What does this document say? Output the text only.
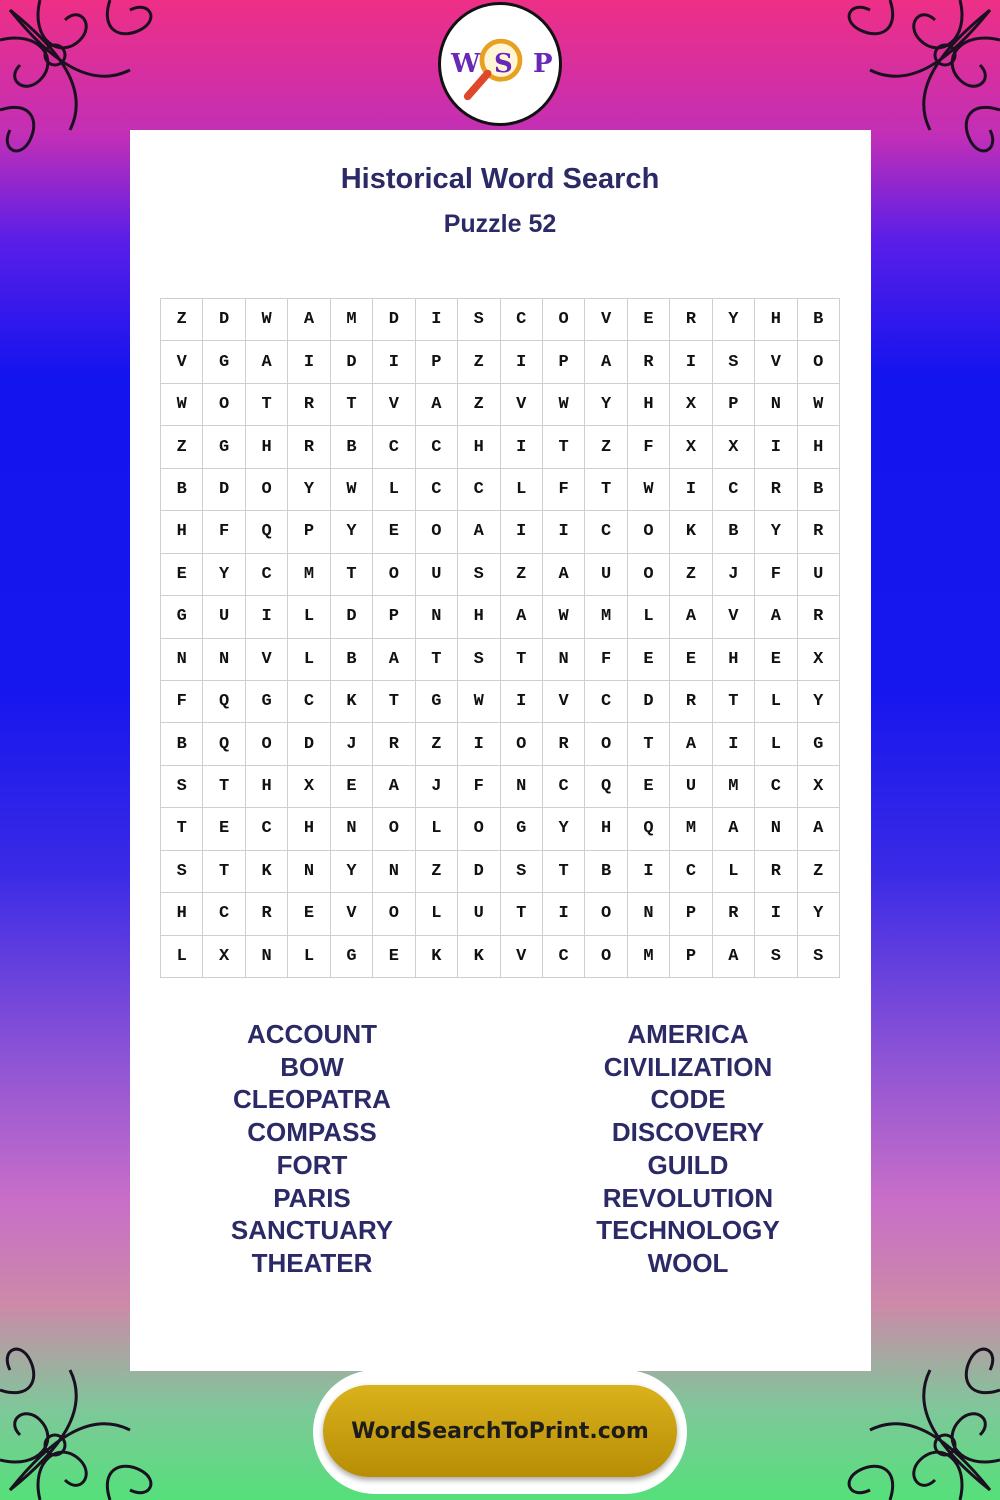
W S P
Historical Word Search
Puzzle 52
Z	D	W	A	M	D	I	S	C	O	V	E	R	Y	H	B
V	G	A	I	D	I	P	Z	I	P	A	R	I	S	V	O
W	O	T	R	T	V	A	Z	V	W	Y	H	X	P	N	W
Z	G	H	R	B	C	C	H	I	T	Z	F	X	X	I	H
B	D	O	Y	W	L	C	C	L	F	T	W	I	C	R	B
H	F	Q	P	Y	E	O	A	I	I	C	O	K	B	Y	R
E	Y	C	M	T	O	U	S	Z	A	U	O	Z	J	F	U
G	U	I	L	D	P	N	H	A	W	M	L	A	V	A	R
N	N	V	L	B	A	T	S	T	N	F	E	E	H	E	X
F	Q	G	C	K	T	G	W	I	V	C	D	R	T	L	Y
B	Q	O	D	J	R	Z	I	O	R	O	T	A	I	L	G
S	T	H	X	E	A	J	F	N	C	Q	E	U	M	C	X
T	E	C	H	N	O	L	O	G	Y	H	Q	M	A	N	A
S	T	K	N	Y	N	Z	D	S	T	B	I	C	L	R	Z
H	C	R	E	V	O	L	U	T	I	O	N	P	R	I	Y
L	X	N	L	G	E	K	K	V	C	O	M	P	A	S	S
ACCOUNT
BOW
CLEOPATRA
COMPASS
FORT
PARIS
SANCTUARY
THEATER
AMERICA
CIVILIZATION
CODE
DISCOVERY
GUILD
REVOLUTION
TECHNOLOGY
WOOL
WordSearchToPrint.com
